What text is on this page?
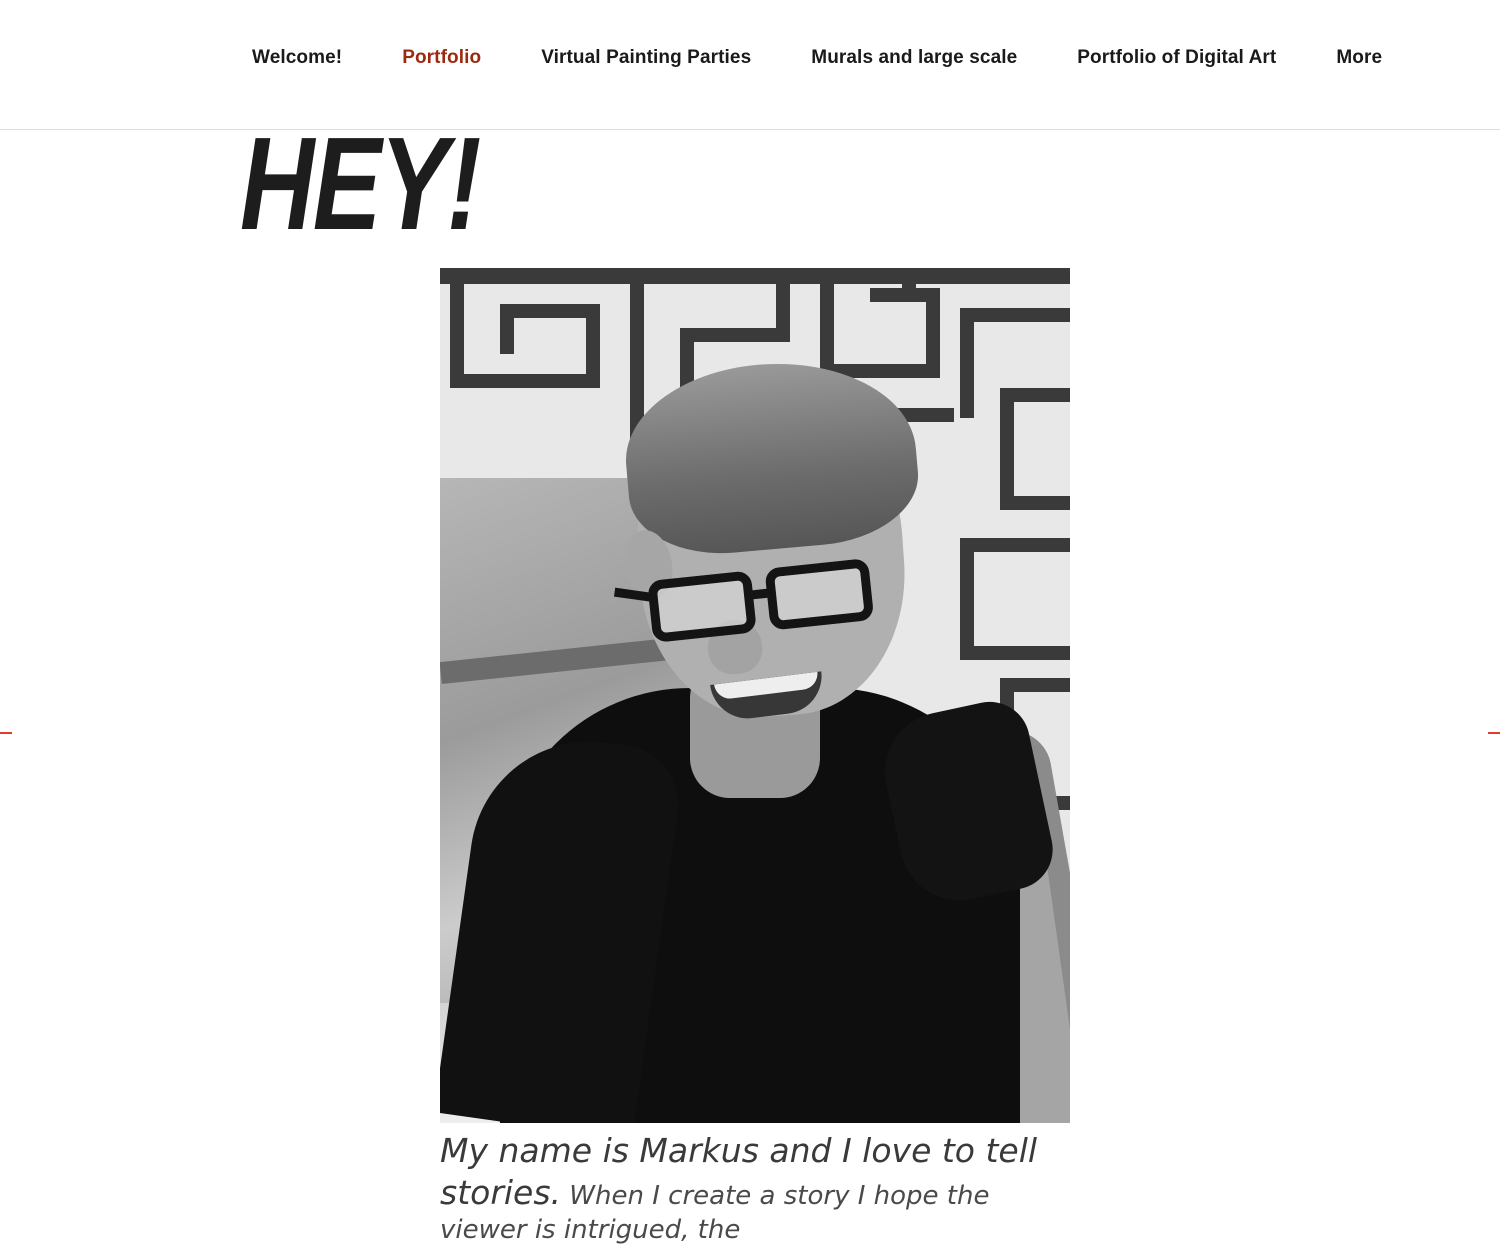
Welcome!	Portfolio	Virtual Painting Parties	Murals and large scale	Portfolio of Digital Art	More
HEY!
My name is Markus and I love to tell stories. When I create a story I hope the viewer is intrigued, the
